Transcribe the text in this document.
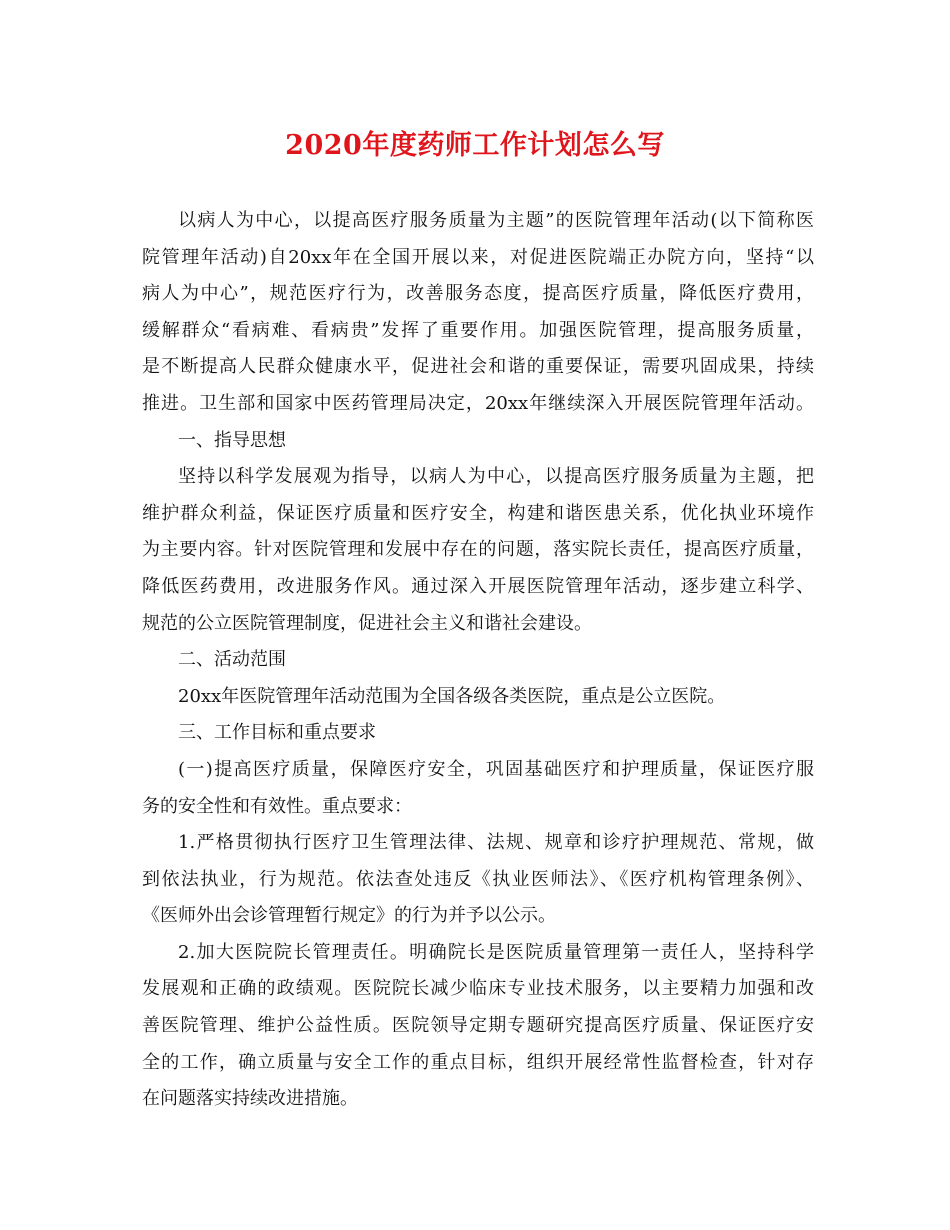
2020年度药师工作计划怎么写
以病人为中心，以提高医疗服务质量为主题”的医院管理年活动(以下简称医
院管理年活动)自20xx年在全国开展以来，对促进医院端正办院方向，坚持“以
病人为中心”，规范医疗行为，改善服务态度，提高医疗质量，降低医疗费用，
缓解群众“看病难、看病贵”发挥了重要作用。加强医院管理，提高服务质量，
是不断提高人民群众健康水平，促进社会和谐的重要保证，需要巩固成果，持续
推进。卫生部和国家中医药管理局决定，20xx年继续深入开展医院管理年活动。
一、指导思想
坚持以科学发展观为指导，以病人为中心，以提高医疗服务质量为主题，把
维护群众利益，保证医疗质量和医疗安全，构建和谐医患关系，优化执业环境作
为主要内容。针对医院管理和发展中存在的问题，落实院长责任，提高医疗质量，
降低医药费用，改进服务作风。通过深入开展医院管理年活动，逐步建立科学、
规范的公立医院管理制度，促进社会主义和谐社会建设。
二、活动范围
20xx年医院管理年活动范围为全国各级各类医院，重点是公立医院。
三、工作目标和重点要求
(一)提高医疗质量，保障医疗安全，巩固基础医疗和护理质量，保证医疗服
务的安全性和有效性。重点要求：
1.严格贯彻执行医疗卫生管理法律、法规、规章和诊疗护理规范、常规，做
到依法执业，行为规范。依法查处违反《执业医师法》、《医疗机构管理条例》、
《医师外出会诊管理暂行规定》的行为并予以公示。
2.加大医院院长管理责任。明确院长是医院质量管理第一责任人，坚持科学
发展观和正确的政绩观。医院院长减少临床专业技术服务，以主要精力加强和改
善医院管理、维护公益性质。医院领导定期专题研究提高医疗质量、保证医疗安
全的工作，确立质量与安全工作的重点目标，组织开展经常性监督检查，针对存
在问题落实持续改进措施。
